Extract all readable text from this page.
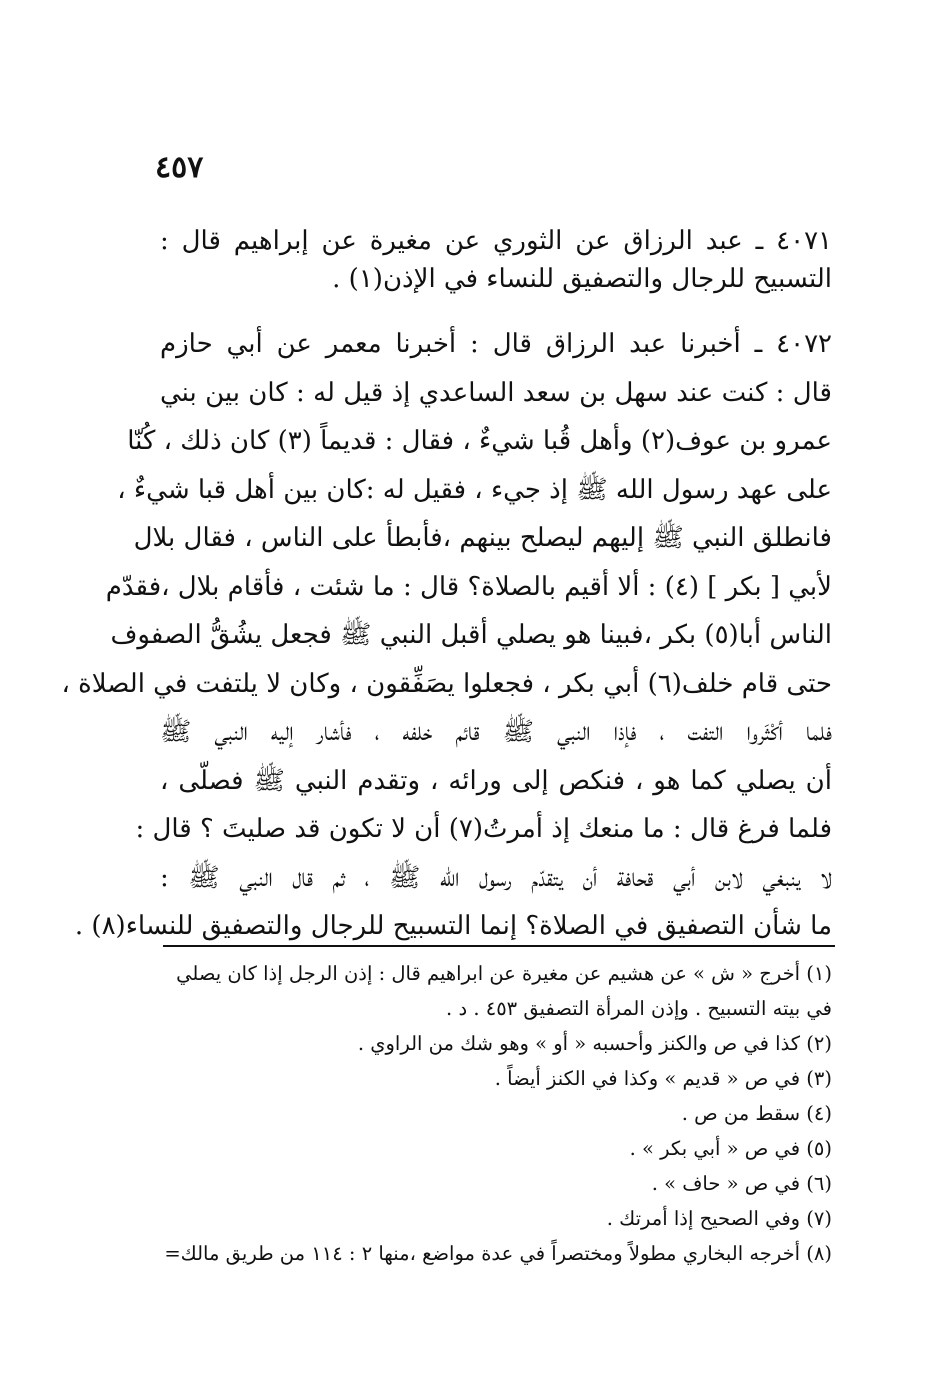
٤٥٧
٤٠٧١ ـ عبد الرزاق عن الثوري عن مغيرة عن إبراهيم قال :
التسبيح للرجال والتصفيق للنساء في الإذن(١) .
٤٠٧٢ ـ أخبرنا عبد الرزاق قال : أخبرنا معمر عن أبي حازم
قال : كنت عند سهل بن سعد الساعدي إذ قيل له : كان بين بني
عمرو بن عوف(٢) وأهل قُبا شيءٌ ، فقال : قديماً (٣) كان ذلك ، كُنّا
على عهد رسول الله ﷺ إذ جيء ، فقيل له :كان بين أهل قبا شيءٌ ،
فانطلق النبي ﷺ إليهم ليصلح بينهم ،فأبطأ على الناس ، فقال بلال
لأبي [ بكر ] (٤) : ألا أقيم بالصلاة؟ قال : ما شئت ، فأقام بلال ،فقدّم
الناس أبا(٥) بكر ،فبينا هو يصلي أقبل النبي ﷺ فجعل يشُقُّ الصفوف
حتى قام خلف(٦) أبي بكر ، فجعلوا يصَفِّقون ، وكان لا يلتفت في الصلاة ،
فلما أكْثَروا التفت ، فإذا النبي ﷺ قائم خلفه ، فأشار إليه النبي ﷺ
أن يصلي كما هو ، فنكص إلى ورائه ، وتقدم النبي ﷺ فصلّى ،
فلما فرغ قال : ما منعك إذ أمرتُ(٧) أن لا تكون قد صليتَ ؟ قال :
لا ينبغي لابن أبي قحافة أن يتقدّم رسول الله ﷺ ، ثم قال النبي ﷺ :
ما شأن التصفيق في الصلاة؟ إنما التسبيح للرجال والتصفيق للنساء(٨) .
(١) أخرج « ش » عن هشيم عن مغيرة عن ابراهيم قال : إذن الرجل إذا كان يصلي
في بيته التسبيح . وإذن المرأة التصفيق ٤٥٣ . د .
(٢) كذا في ص والكنز وأحسبه « أو » وهو شك من الراوي .
(٣) في ص « قديم » وكذا في الكنز أيضاً .
(٤) سقط من ص .
(٥) في ص « أبي بكر » .
(٦) في ص « حاف » .
(٧) وفي الصحيح إذا أمرتك .
(٨) أخرجه البخاري مطولاً ومختصراً في عدة مواضع ،منها ٢ : ١١٤ من طريق مالك=
